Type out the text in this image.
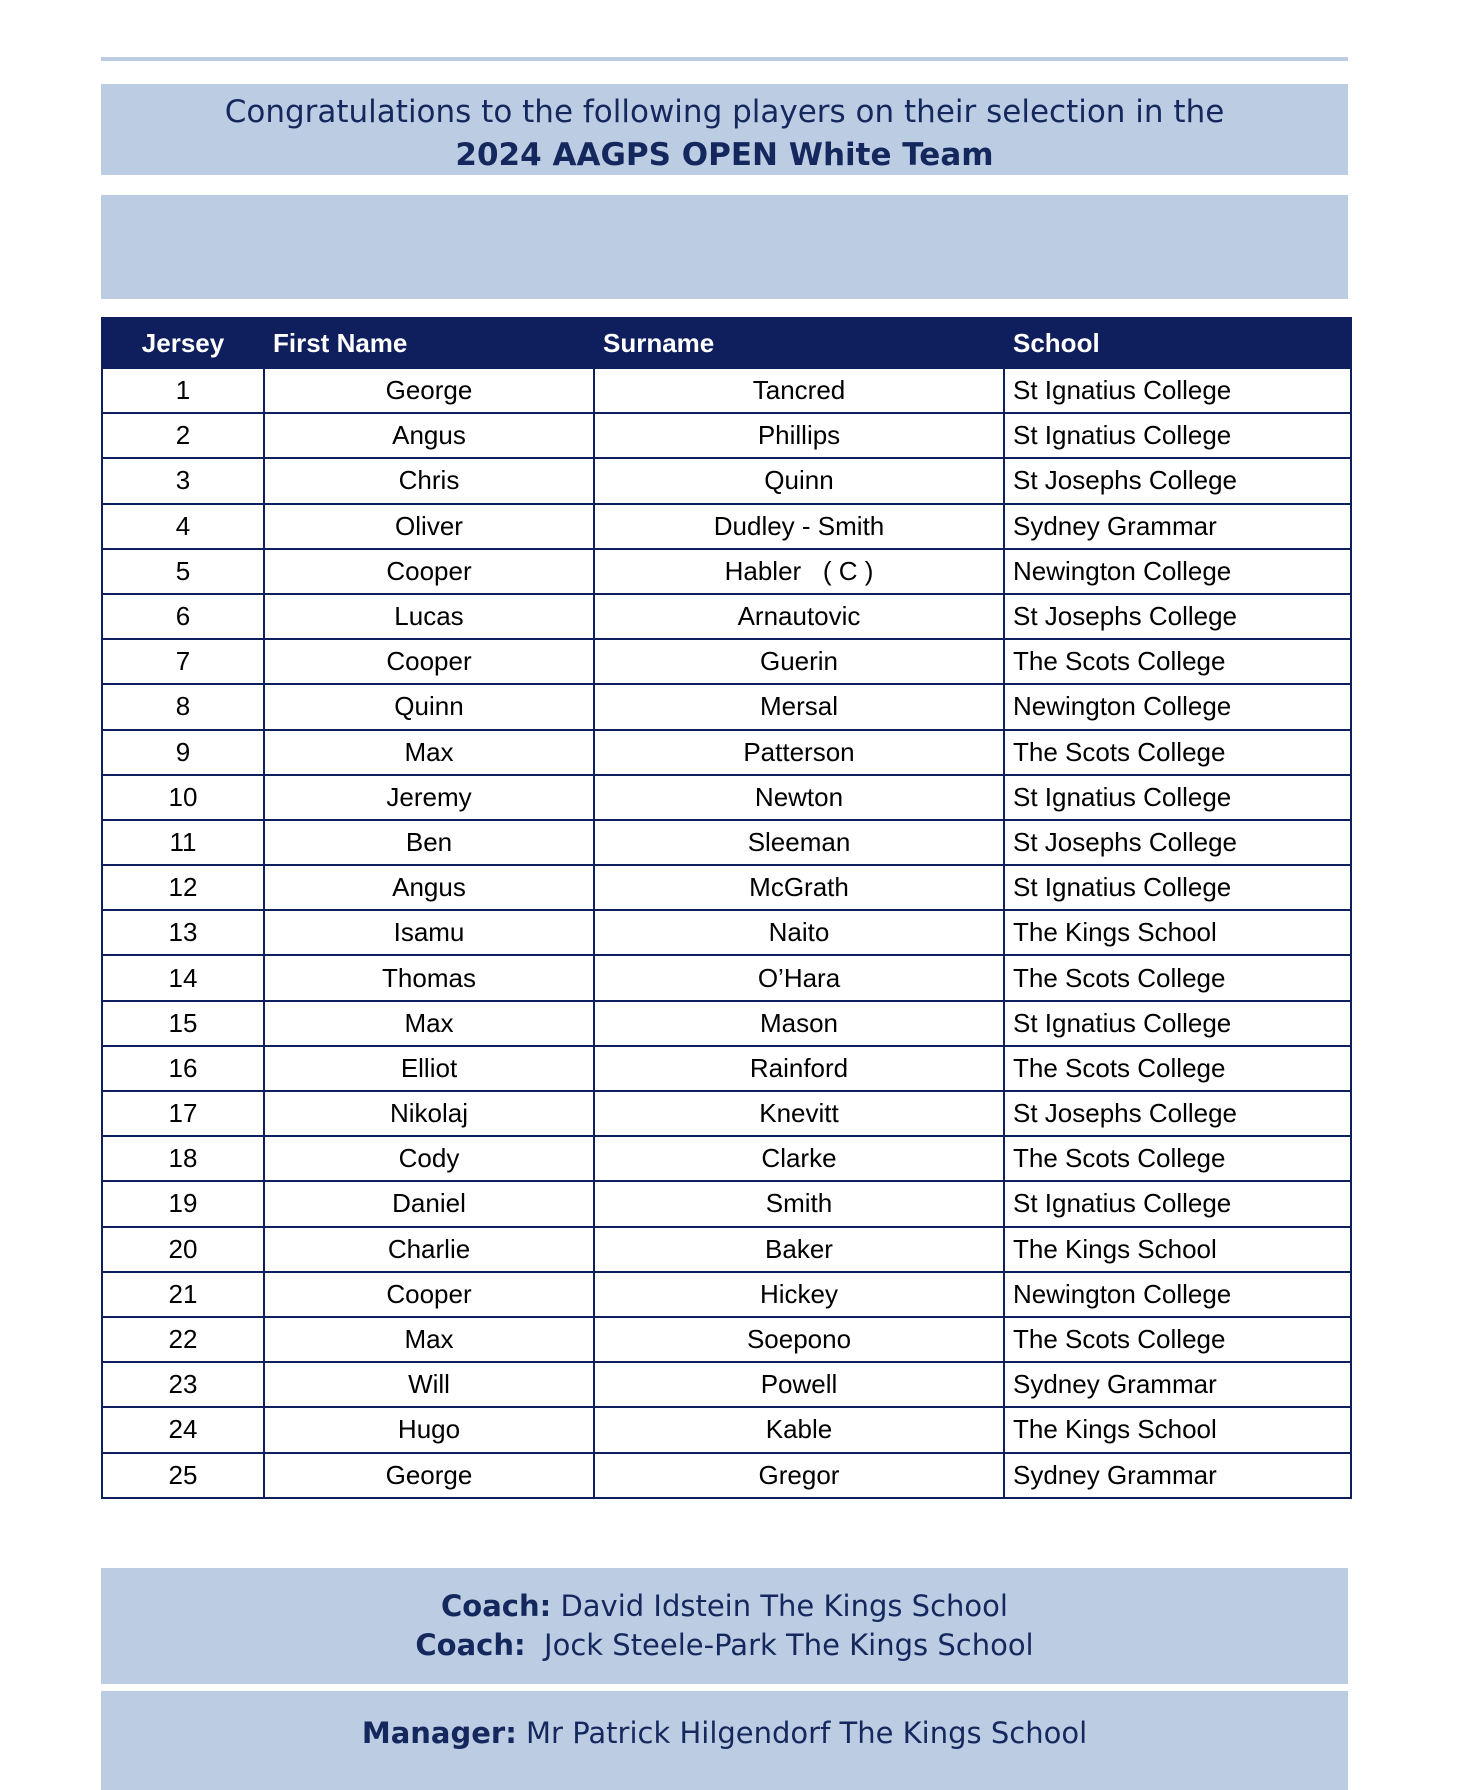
Congratulations to the following players on their selection in the
2024 AAGPS OPEN White Team
Jersey	First Name	Surname	School
1	George	Tancred	St Ignatius College
2	Angus	Phillips	St Ignatius College
3	Chris	Quinn	St Josephs College
4	Oliver	Dudley - Smith	Sydney Grammar
5	Cooper	Habler   ( C )	Newington College
6	Lucas	Arnautovic	St Josephs College
7	Cooper	Guerin	The Scots College
8	Quinn	Mersal	Newington College
9	Max	Patterson	The Scots College
10	Jeremy	Newton	St Ignatius College
11	Ben	Sleeman	St Josephs College
12	Angus	McGrath	St Ignatius College
13	Isamu	Naito	The Kings School
14	Thomas	O’Hara	The Scots College
15	Max	Mason	St Ignatius College
16	Elliot	Rainford	The Scots College
17	Nikolaj	Knevitt	St Josephs College
18	Cody	Clarke	The Scots College
19	Daniel	Smith	St Ignatius College
20	Charlie	Baker	The Kings School
21	Cooper	Hickey	Newington College
22	Max	Soepono	The Scots College
23	Will	Powell	Sydney Grammar
24	Hugo	Kable	The Kings School
25	George	Gregor	Sydney Grammar
Coach: David Idstein The Kings School
Coach: Jock Steele-Park The Kings School
Manager: Mr Patrick Hilgendorf The Kings School
